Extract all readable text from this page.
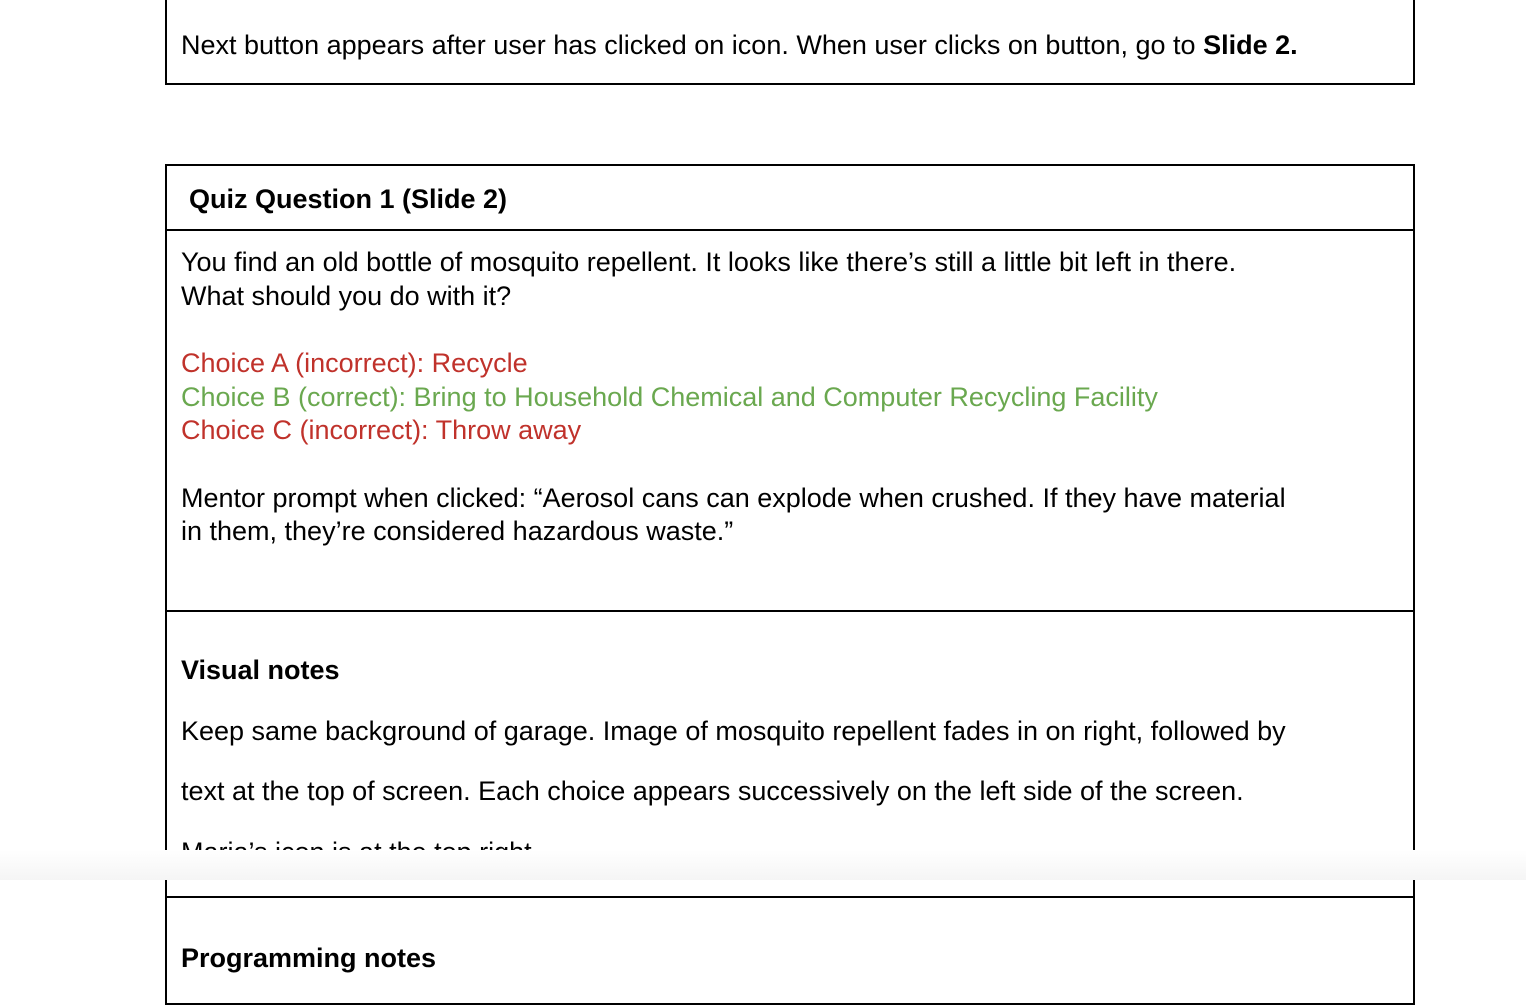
Next button appears after user has clicked on icon. When user clicks on button, go to Slide 2.
Quiz Question 1 (Slide 2)

You find an old bottle of mosquito repellent. It looks like there’s still a little bit left in there.

What should you do with it?

Choice A (incorrect): Recycle

Choice B (correct): Bring to Household Chemical and Computer Recycling Facility

Choice C (incorrect): Throw away

Mentor prompt when clicked: “Aerosol cans can explode when crushed. If they have material

in them, they’re considered hazardous waste.”

Visual notes

Keep same background of garage. Image of mosquito repellent fades in on right, followed by

text at the top of screen. Each choice appears successively on the left side of the screen.

Programming notes
